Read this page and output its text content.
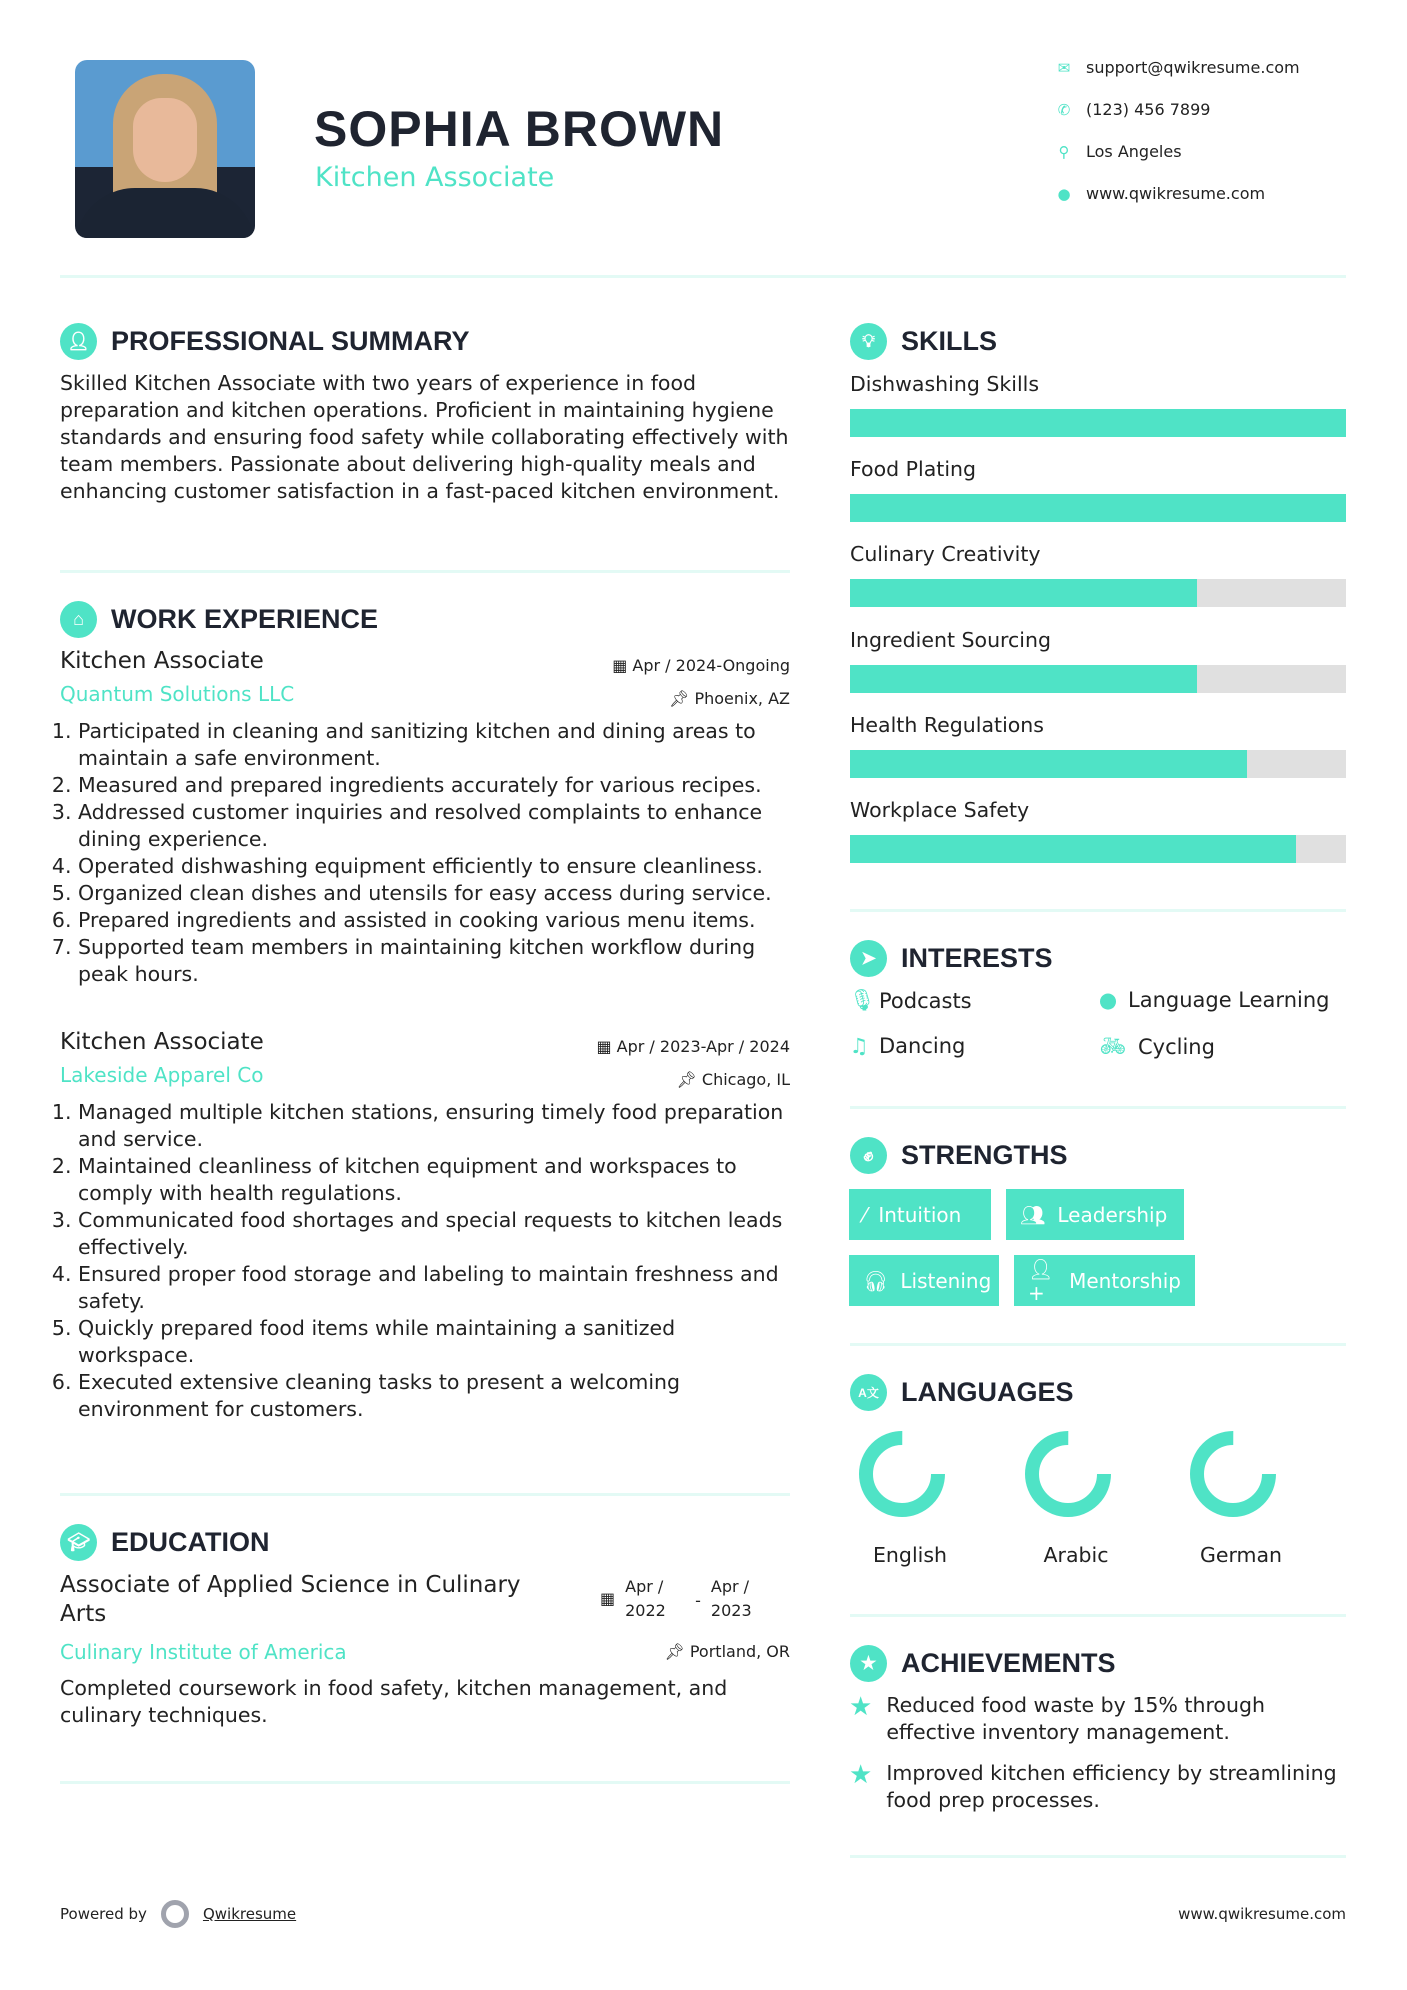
SOPHIA BROWN
Kitchen Associate
✉ support@qwikresume.com
✆ (123) 456 7899
⚲ Los Angeles
● www.qwikresume.com
👤︎ PROFESSIONAL SUMMARY
Skilled Kitchen Associate with two years of experience in food preparation and kitchen operations. Proficient in maintaining hygiene standards and ensuring food safety while collaborating effectively with team members. Passionate about delivering high-quality meals and enhancing customer satisfaction in a fast-paced kitchen environment.
⌂	WORK EXPERIENCE
Kitchen Associate
Quantum Solutions LLC
▦ Apr / 2024-Ongoing
📌︎ Phoenix, AZ
1. Participated in cleaning and sanitizing kitchen and dining areas to maintain a safe environment.
2. Measured and prepared ingredients accurately for various recipes.
3. Addressed customer inquiries and resolved complaints to enhance dining experience.
4. Operated dishwashing equipment efficiently to ensure cleanliness.
5. Organized clean dishes and utensils for easy access during service.
6. Prepared ingredients and assisted in cooking various menu items.
7. Supported team members in maintaining kitchen workflow during peak hours.
Kitchen Associate
Lakeside Apparel Co
▦ Apr / 2023-Apr / 2024
📌︎ Chicago, IL
1. Managed multiple kitchen stations, ensuring timely food preparation and service.
2. Maintained cleanliness of kitchen equipment and workspaces to comply with health regulations.
3. Communicated food shortages and special requests to kitchen leads effectively.
4. Ensured proper food storage and labeling to maintain freshness and safety.
5. Quickly prepared food items while maintaining a sanitized workspace.
6. Executed extensive cleaning tasks to present a welcoming environment for customers.
🎓︎ EDUCATION
Associate of Applied Science in Culinary Arts
▦
Apr / 2022
-
Apr / 2023
Culinary Institute of America	📌︎ Portland, OR
Completed coursework in food safety, kitchen management, and culinary techniques.
💡︎ SKILLS
Dishwashing Skills
Food Plating
Culinary Creativity
Ingredient Sourcing
Health Regulations
Workplace Safety
➤ INTERESTS
🎙︎ Podcasts	● Language Learning
♫ Dancing	🚲︎ Cycling
✊︎	STRENGTHS
⁄ Intuition	👥︎ Leadership
🎧︎ Listening 👤︎+	Mentorship
A文 LANGUAGES
English	Arabic	German
★ ACHIEVEMENTS
★ Reduced food waste by 15% through effective inventory management.
★ Improved kitchen efficiency by streamlining food prep processes.
Powered by	Qwikresume	www.qwikresume.com
